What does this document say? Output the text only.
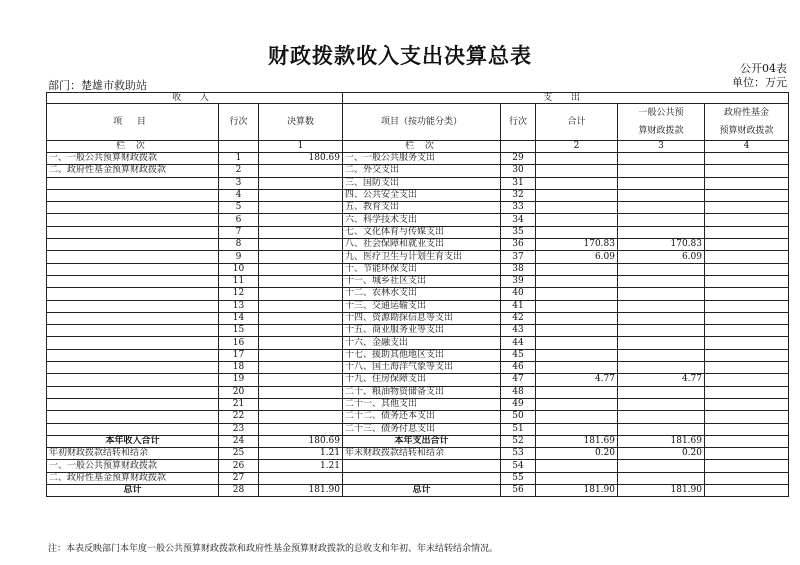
财政拨款收入支出决算总表
公开04表
部门：楚雄市救助站	单位：万元
收 入			支 出				
项 目	行次	决算数	项目（按功能分类）	行次	合计	一般公共预
算财政拨款	政府性基金
预算财政拨款
栏 次		1	栏 次		2	3	4
一、一般公共预算财政拨款	1	180.69	一、一般公共服务支出	29			
二、政府性基金预算财政拨款	2		二、外交支出	30			
	3		三、国防支出	31			
	4		四、公共安全支出	32			
	5		五、教育支出	33			
	6		六、科学技术支出	34			
	7		七、文化体育与传媒支出	35			
	8		八、社会保障和就业支出	36	170.83	170.83	
	9		九、医疗卫生与计划生育支出	37	6.09	6.09	
	10		十、节能环保支出	38			
	11		十一、城乡社区支出	39			
	12		十二、农林水支出	40			
	13		十三、交通运输支出	41			
	14		十四、资源勘探信息等支出	42			
	15		十五、商业服务业等支出	43			
	16		十六、金融支出	44			
	17		十七、援助其他地区支出	45			
	18		十八、国土海洋气象等支出	46			
	19		十九、住房保障支出	47	4.77	4.77	
	20		二十、粮油物资储备支出	48			
	21		二十一、其他支出	49			
	22		二十二、债务还本支出	50			
	23		二十三、债务付息支出	51			
本年收入合计	24	180.69	本年支出合计	52	181.69	181.69	
年初财政拨款结转和结余	25	1.21	年末财政拨款结转和结余	53	0.20	0.20	
一、一般公共预算财政拨款	26	1.21		54			
二、政府性基金预算财政拨款	27			55			
总计	28	181.90	总计	56	181.90	181.90	
注：本表反映部门本年度一般公共预算财政拨款和政府性基金预算财政拨款的总收支和年初、年末结转结余情况。
